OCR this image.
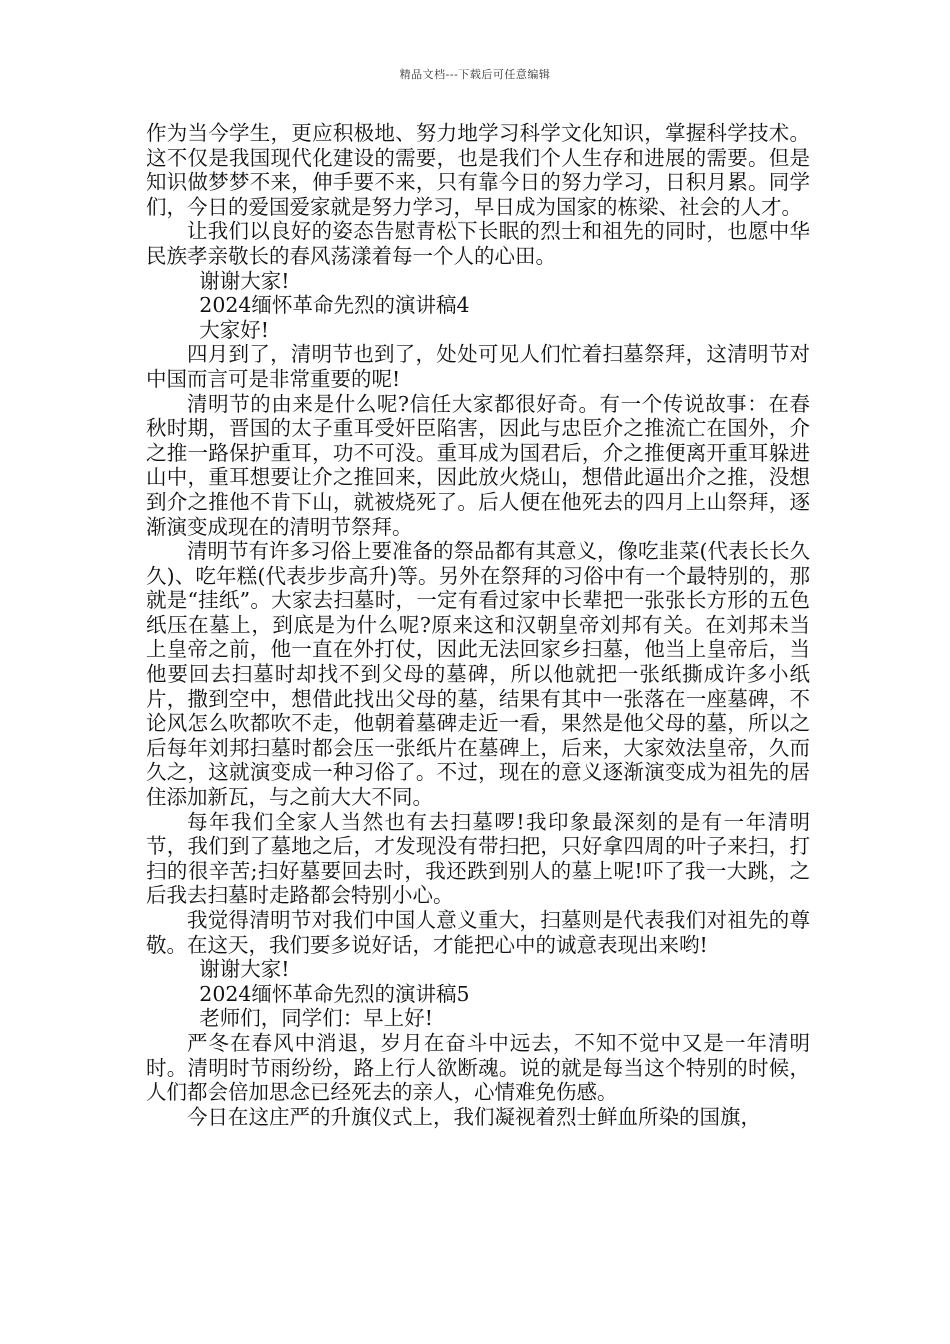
精品文档---下载后可任意编辑

作为当今学生，更应积极地、努力地学习科学文化知识，掌握科学技术。这不仅是我国现代化建设的需要，也是我们个人生存和进展的需要。但是知识做梦梦不来，伸手要不来，只有靠今日的努力学习，日积月累。同学们，今日的爱国爱家就是努力学习，早日成为国家的栋梁、社会的人才。

让我们以良好的姿态告慰青松下长眠的烈士和祖先的同时，也愿中华民族孝亲敬长的春风荡漾着每一个人的心田。

谢谢大家!

2024缅怀革命先烈的演讲稿4

大家好!

四月到了，清明节也到了，处处可见人们忙着扫墓祭拜，这清明节对中国而言可是非常重要的呢!

清明节的由来是什么呢?信任大家都很好奇。有一个传说故事：在春秋时期，晋国的太子重耳受奸臣陷害，因此与忠臣介之推流亡在国外，介之推一路保护重耳，功不可没。重耳成为国君后，介之推便离开重耳躲进山中，重耳想要让介之推回来，因此放火烧山，想借此逼出介之推，没想到介之推他不肯下山，就被烧死了。后人便在他死去的四月上山祭拜，逐渐演变成现在的清明节祭拜。

清明节有许多习俗上要准备的祭品都有其意义，像吃韭菜(代表长长久久)、吃年糕(代表步步高升)等。另外在祭拜的习俗中有一个最特别的，那就是“挂纸”。大家去扫墓时，一定有看过家中长辈把一张张长方形的五色纸压在墓上，到底是为什么呢?原来这和汉朝皇帝刘邦有关。在刘邦未当上皇帝之前，他一直在外打仗，因此无法回家乡扫墓，他当上皇帝后，当他要回去扫墓时却找不到父母的墓碑，所以他就把一张纸撕成许多小纸片，撒到空中，想借此找出父母的墓，结果有其中一张落在一座墓碑，不论风怎么吹都吹不走，他朝着墓碑走近一看，果然是他父母的墓，所以之后每年刘邦扫墓时都会压一张纸片在墓碑上，后来，大家效法皇帝，久而久之，这就演变成一种习俗了。不过，现在的意义逐渐演变成为祖先的居住添加新瓦，与之前大大不同。

每年我们全家人当然也有去扫墓啰!我印象最深刻的是有一年清明节，我们到了墓地之后，才发现没有带扫把，只好拿四周的叶子来扫，打扫的很辛苦;扫好墓要回去时，我还跌到别人的墓上呢!吓了我一大跳，之后我去扫墓时走路都会特别小心。

我觉得清明节对我们中国人意义重大，扫墓则是代表我们对祖先的尊敬。在这天，我们要多说好话，才能把心中的诚意表现出来哟!

谢谢大家!

2024缅怀革命先烈的演讲稿5

老师们，同学们：早上好!

严冬在春风中消退，岁月在奋斗中远去，不知不觉中又是一年清明时。清明时节雨纷纷，路上行人欲断魂。说的就是每当这个特别的时候，人们都会倍加思念已经死去的亲人，心情难免伤感。

今日在这庄严的升旗仪式上，我们凝视着烈士鲜血所染的国旗，
